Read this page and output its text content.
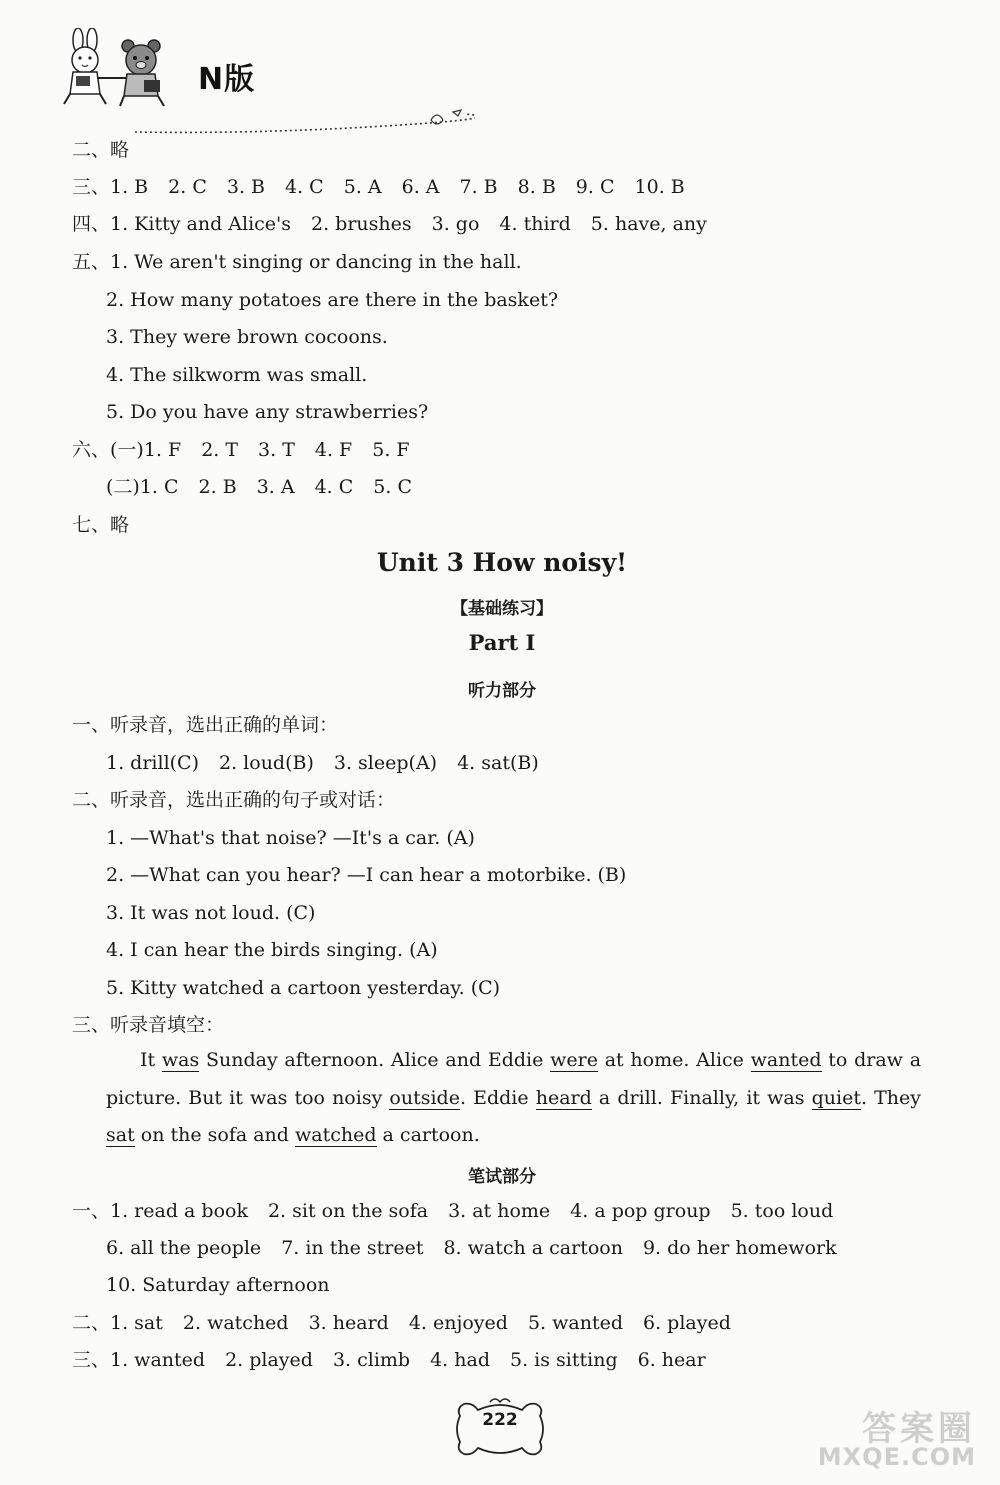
N版
二、略
三、1. B 2. C 3. B 4. C 5. A 6. A 7. B 8. B 9. C 10. B
四、1. Kitty and Alice's 2. brushes 3. go 4. third 5. have, any
五、1. We aren't singing or dancing in the hall.
2. How many potatoes are there in the basket?
3. They were brown cocoons.
4. The silkworm was small.
5. Do you have any strawberries?
六、(一)1. F 2. T 3. T 4. F 5. F
(二)1. C 2. B 3. A 4. C 5. C
七、略
Unit 3 How noisy!
【基础练习】
Part Ⅰ
听力部分
一、听录音，选出正确的单词：
1. drill(C) 2. loud(B) 3. sleep(A) 4. sat(B)
二、听录音，选出正确的句子或对话：
1. —What's that noise? —It's a car. (A)
2. —What can you hear? —I can hear a motorbike. (B)
3. It was not loud. (C)
4. I can hear the birds singing. (A)
5. Kitty watched a cartoon yesterday. (C)
三、听录音填空：
It was Sunday afternoon. Alice and Eddie were at home. Alice wanted to draw a picture. But it was too noisy outside. Eddie heard a drill. Finally, it was quiet. They sat on the sofa and watched a cartoon.
笔试部分
一、1. read a book 2. sit on the sofa 3. at home 4. a pop group 5. too loud
6. all the people 7. in the street 8. watch a cartoon 9. do her homework
10. Saturday afternoon
二、1. sat 2. watched 3. heard 4. enjoyed 5. wanted 6. played
三、1. wanted 2. played 3. climb 4. had 5. is sitting 6. hear
222	答案圈
MXQE.COM
